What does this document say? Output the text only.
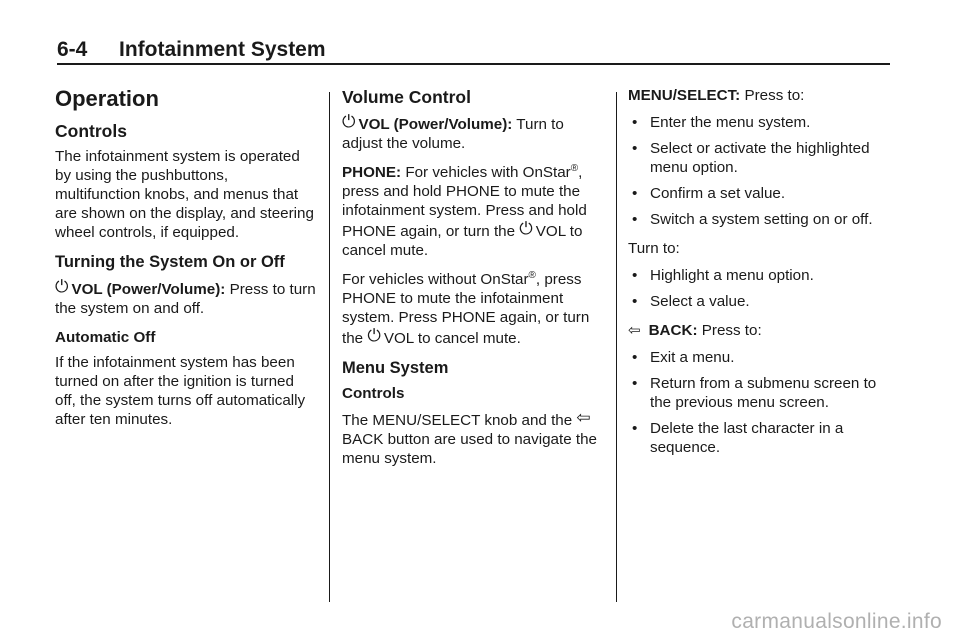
6-4 Infotainment System
Operation
Controls
The infotainment system is operated by using the pushbuttons, multifunction knobs, and menus that are shown on the display, and steering wheel controls, if equipped.
Turning the System On or Off
⏻ VOL (Power/Volume): Press to turn the system on and off.
Automatic Off
If the infotainment system has been turned on after the ignition is turned off, the system turns off automatically after ten minutes.
Volume Control
⏻ VOL (Power/Volume): Turn to adjust the volume.
PHONE: For vehicles with OnStar®, press and hold PHONE to mute the infotainment system. Press and hold PHONE again, or turn the ⏻ VOL to cancel mute.
For vehicles without OnStar®, press PHONE to mute the infotainment system. Press PHONE again, or turn the ⏻ VOL to cancel mute.
Menu System
Controls
The MENU/SELECT knob and the ⇦BACK button are used to navigate the menu system.
MENU/SELECT: Press to:
• Enter the menu system.
• Select or activate the highlighted menu option.
• Confirm a set value.
• Switch a system setting on or off.
Turn to:
• Highlight a menu option.
• Select a value.
⇦ BACK: Press to:
• Exit a menu.
• Return from a submenu screen to the previous menu screen.
• Delete the last character in a sequence.
carmanualsonline.info
